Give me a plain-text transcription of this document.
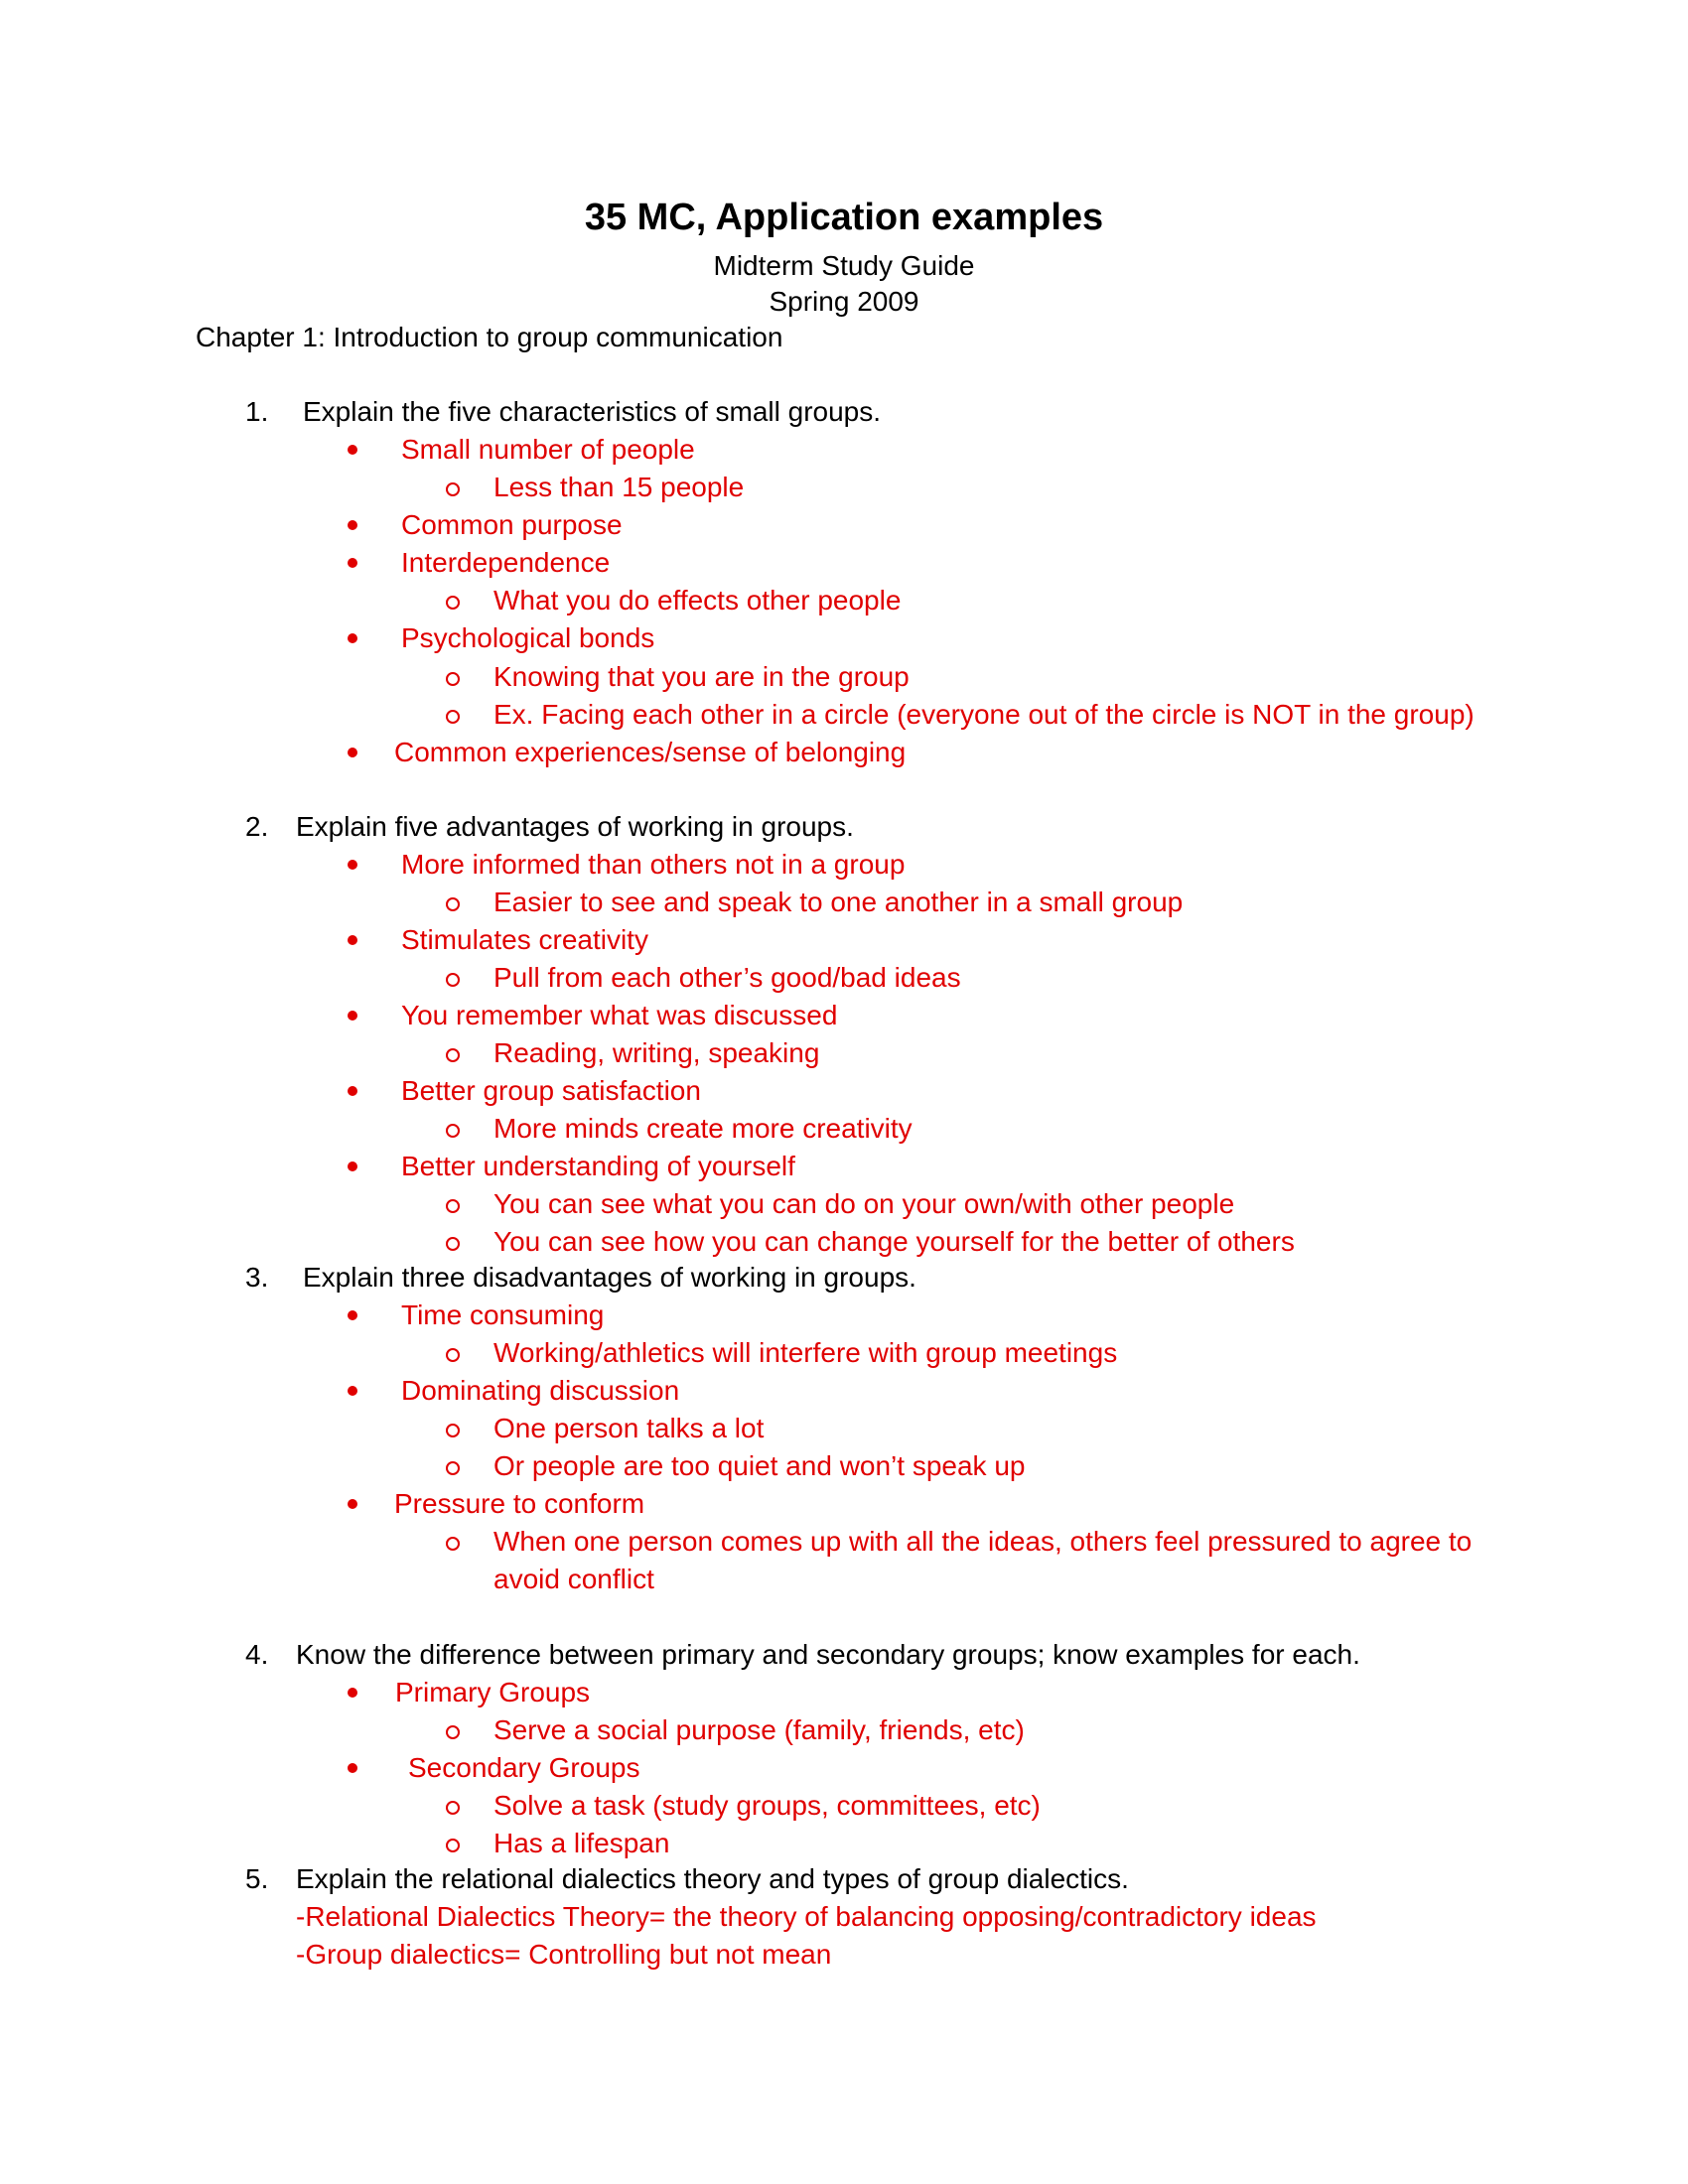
35 MC, Application examples
Midterm Study Guide
Spring 2009
Chapter 1: Introduction to group communication
1. Explain the five characteristics of small groups.
Small number of people
Less than 15 people
Common purpose
Interdependence
What you do effects other people
Psychological bonds
Knowing that you are in the group
Ex. Facing each other in a circle (everyone out of the circle is NOT in the group)
Common experiences/sense of belonging
2. Explain five advantages of working in groups.
More informed than others not in a group
Easier to see and speak to one another in a small group
Stimulates creativity
Pull from each other’s good/bad ideas
You remember what was discussed
Reading, writing, speaking
Better group satisfaction
More minds create more creativity
Better understanding of yourself
You can see what you can do on your own/with other people
You can see how you can change yourself for the better of others
3. Explain three disadvantages of working in groups.
Time consuming
Working/athletics will interfere with group meetings
Dominating discussion
One person talks a lot
Or people are too quiet and won’t speak up
Pressure to conform
When one person comes up with all the ideas, others feel pressured to agree to
avoid conflict
4. Know the difference between primary and secondary groups; know examples for each.
Primary Groups
Serve a social purpose (family, friends, etc)
Secondary Groups
Solve a task (study groups, committees, etc)
Has a lifespan
5. Explain the relational dialectics theory and types of group dialectics.
-Relational Dialectics Theory= the theory of balancing opposing/contradictory ideas
-Group dialectics= Controlling but not mean
